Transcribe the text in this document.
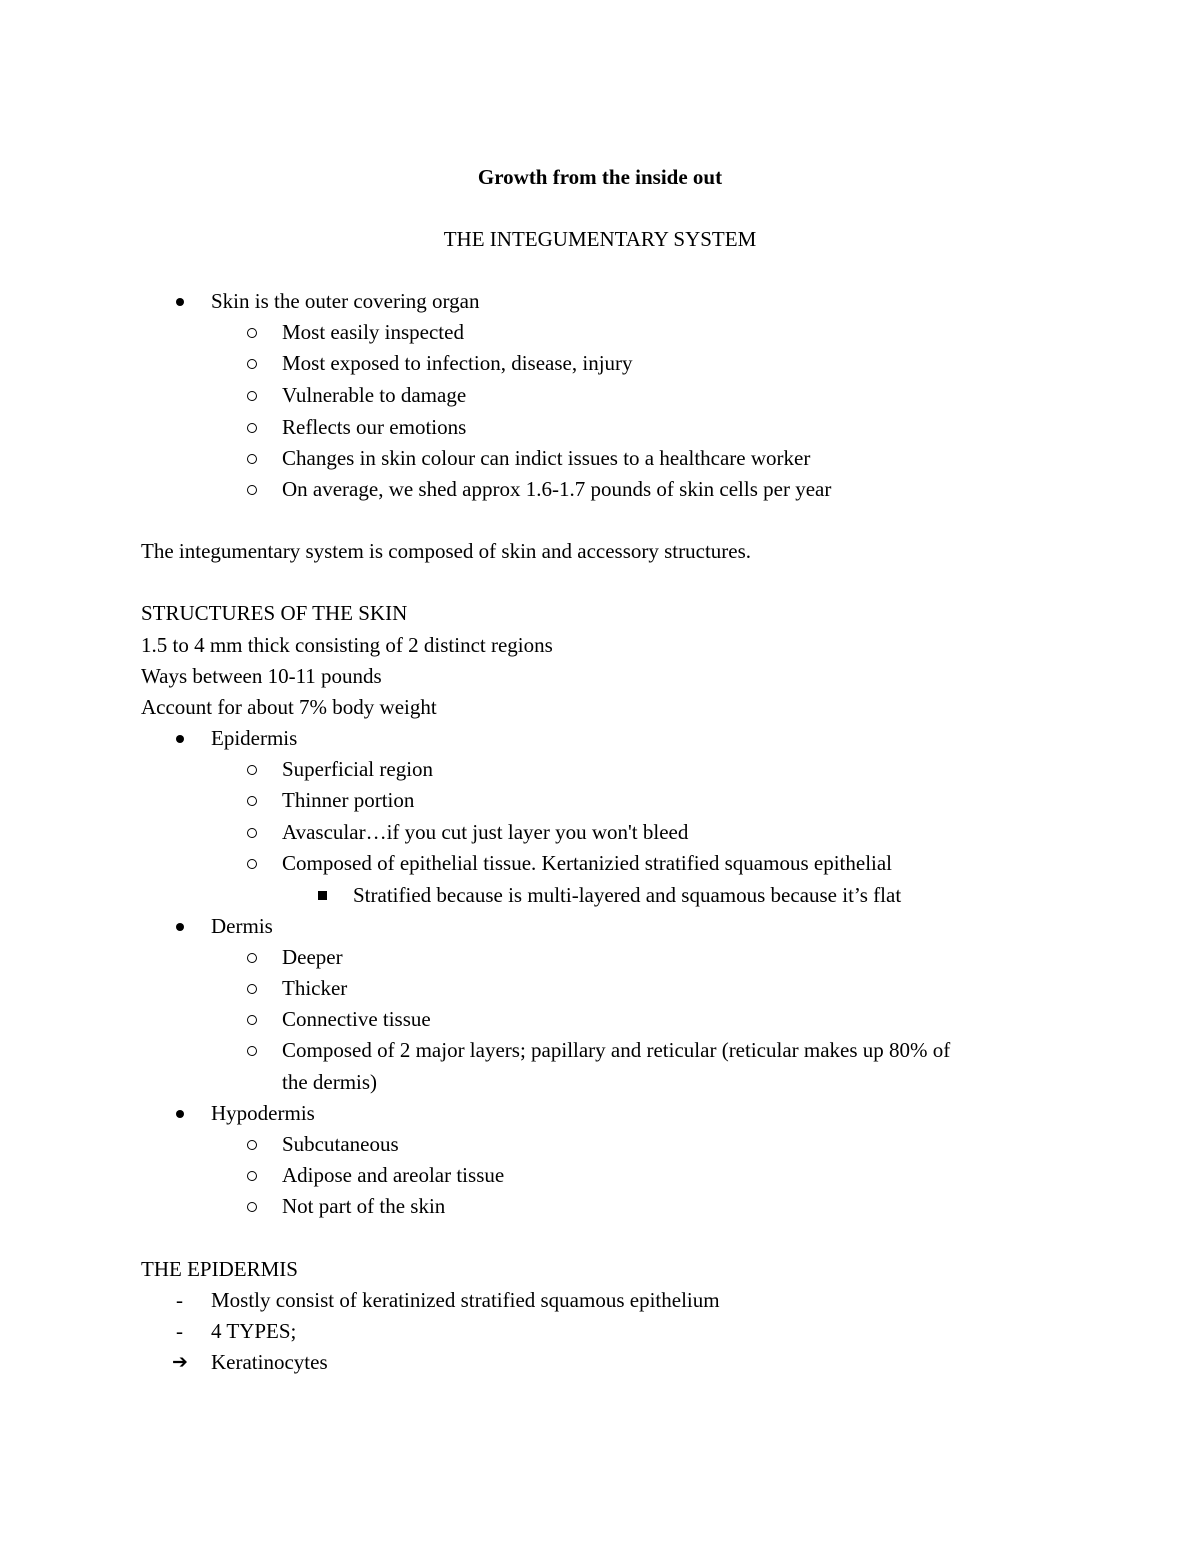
Growth from the inside out
THE INTEGUMENTARY SYSTEM
Skin is the outer covering organ
Most easily inspected
Most exposed to infection, disease, injury
Vulnerable to damage
Reflects our emotions
Changes in skin colour can indict issues to a healthcare worker
On average, we shed approx 1.6-1.7 pounds of skin cells per year
The integumentary system is composed of skin and accessory structures.
STRUCTURES OF THE SKIN
1.5 to 4 mm thick consisting of 2 distinct regions
Ways between 10-11 pounds
Account for about 7% body weight
Epidermis
Superficial region
Thinner portion
Avascular…if you cut just layer you won't bleed
Composed of epithelial tissue. Kertanizied stratified squamous epithelial
Stratified because is multi-layered and squamous because it’s flat
Dermis
Deeper
Thicker
Connective tissue
Composed of 2 major layers; papillary and reticular (reticular makes up 80% of
the dermis)
Hypodermis
Subcutaneous
Adipose and areolar tissue
Not part of the skin
THE EPIDERMIS
- Mostly consist of keratinized stratified squamous epithelium
- 4 TYPES;
➔ Keratinocytes
